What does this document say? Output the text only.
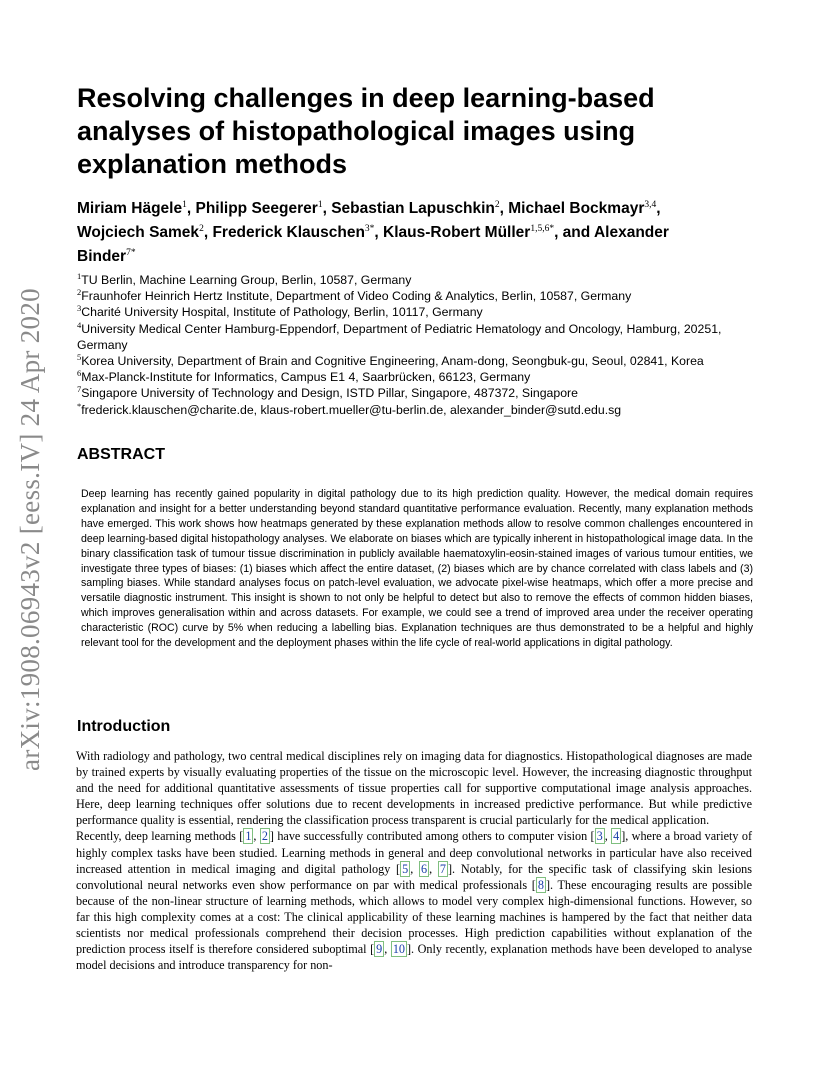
arXiv:1908.06943v2 [eess.IV] 24 Apr 2020
Resolving challenges in deep learning-based analyses of histopathological images using explanation methods
Miriam Hägele$^1$, Philipp Seegerer$^1$, Sebastian Lapuschkin$^2$, Michael Bockmayr$^{3,4}$, Wojciech Samek$^2$, Frederick Klauschen$^{3*}$, Klaus-Robert Müller$^{1,5,6*}$, and Alexander Binder$^{7*}$
$^1$TU Berlin, Machine Learning Group, Berlin, 10587, Germany
$^2$Fraunhofer Heinrich Hertz Institute, Department of Video Coding & Analytics, Berlin, 10587, Germany
$^3$Charité University Hospital, Institute of Pathology, Berlin, 10117, Germany
$^4$University Medical Center Hamburg-Eppendorf, Department of Pediatric Hematology and Oncology, Hamburg, 20251, Germany
$^5$Korea University, Department of Brain and Cognitive Engineering, Anam-dong, Seongbuk-gu, Seoul, 02841, Korea
$^6$Max-Planck-Institute for Informatics, Campus E1 4, Saarbrücken, 66123, Germany
$^7$Singapore University of Technology and Design, ISTD Pillar, Singapore, 487372, Singapore
*frederick.klauschen@charite.de, klaus-robert.mueller@tu-berlin.de, alexander_binder@sutd.edu.sg
ABSTRACT
Deep learning has recently gained popularity in digital pathology due to its high prediction quality. However, the medical domain requires explanation and insight for a better understanding beyond standard quantitative performance evaluation. Recently, many explanation methods have emerged. This work shows how heatmaps generated by these explanation methods allow to resolve common challenges encountered in deep learning-based digital histopathology analyses. We elaborate on biases which are typically inherent in histopathological image data. In the binary classification task of tumour tissue discrimination in publicly available haematoxylin-eosin-stained images of various tumour entities, we investigate three types of biases: (1) biases which affect the entire dataset, (2) biases which are by chance correlated with class labels and (3) sampling biases. While standard analyses focus on patch-level evaluation, we advocate pixel-wise heatmaps, which offer a more precise and versatile diagnostic instrument. This insight is shown to not only be helpful to detect but also to remove the effects of common hidden biases, which improves generalisation within and across datasets. For example, we could see a trend of improved area under the receiver operating characteristic (ROC) curve by 5% when reducing a labelling bias. Explanation techniques are thus demonstrated to be a helpful and highly relevant tool for the development and the deployment phases within the life cycle of real-world applications in digital pathology.
Introduction

With radiology and pathology, two central medical disciplines rely on imaging data for diagnostics. Histopathological diagnoses are made by trained experts by visually evaluating properties of the tissue on the microscopic level. However, the increasing diagnostic throughput and the need for additional quantitative assessments of tissue properties call for supportive computational image analysis approaches. Here, deep learning techniques offer solutions due to recent developments in increased predictive performance. But while predictive performance quality is essential, rendering the classification process transparent is crucial particularly for the medical application.

Recently, deep learning methods [ 1 , 2 ] have successfully contributed among others to computer vision [ 3 , 4 ], where a broad variety of highly complex tasks have been studied. Learning methods in general and deep convolutional networks in particular have also received increased attention in medical imaging and digital pathology [ 5 , 6 , 7 ]. Notably, for the specific task of classifying skin lesions convolutional neural networks even show performance on par with medical professionals [ 8 ]. These encouraging results are possible because of the non-linear structure of learning methods, which allows to model very complex high-dimensional functions. However, so far this high complexity comes at a cost: The clinical applicability of these learning machines is hampered by the fact that neither data scientists nor medical professionals comprehend their decision processes. High prediction capabilities without explanation of the prediction process itself is therefore considered suboptimal [ 9 , 10 ]. Only recently, explanation methods have been developed to analyse model decisions and introduce transparency for non-
